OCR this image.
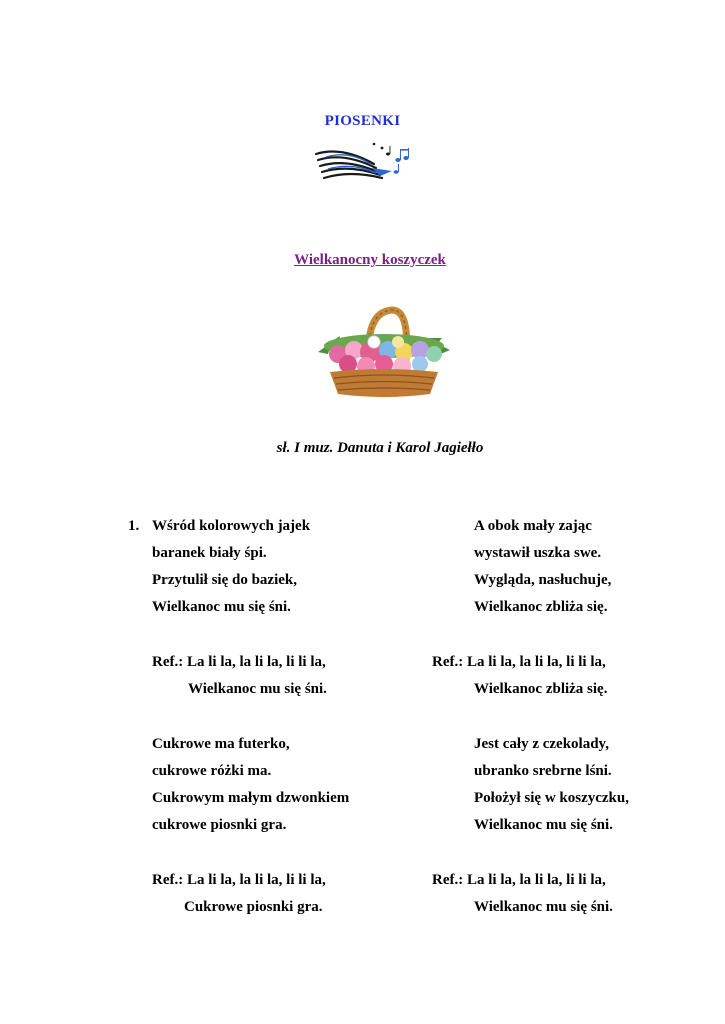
PIOSENKI
Wielkanocny koszyczek
sł. I muz. Danuta i Karol Jagiełło
1. Wśród kolorowych jajek
baranek biały śpi.
Przytulił się do baziek,
Wielkanoc mu się śni.
Ref.: La li la, la li la, li li la,
Wielkanoc mu się śni.
Cukrowe ma futerko,
cukrowe różki ma.
Cukrowym małym dzwonkiem
cukrowe piosnki gra.
Ref.: La li la, la li la, li li la,
Cukrowe piosnki gra.
A obok mały zając
wystawił uszka swe.
Wygląda, nasłuchuje,
Wielkanoc zbliża się.
Ref.: La li la, la li la, li li la,
Wielkanoc zbliża się.
Jest cały z czekolady,
ubranko srebrne lśni.
Położył się w koszyczku,
Wielkanoc mu się śni.
Ref.: La li la, la li la, li li la,
Wielkanoc mu się śni.
